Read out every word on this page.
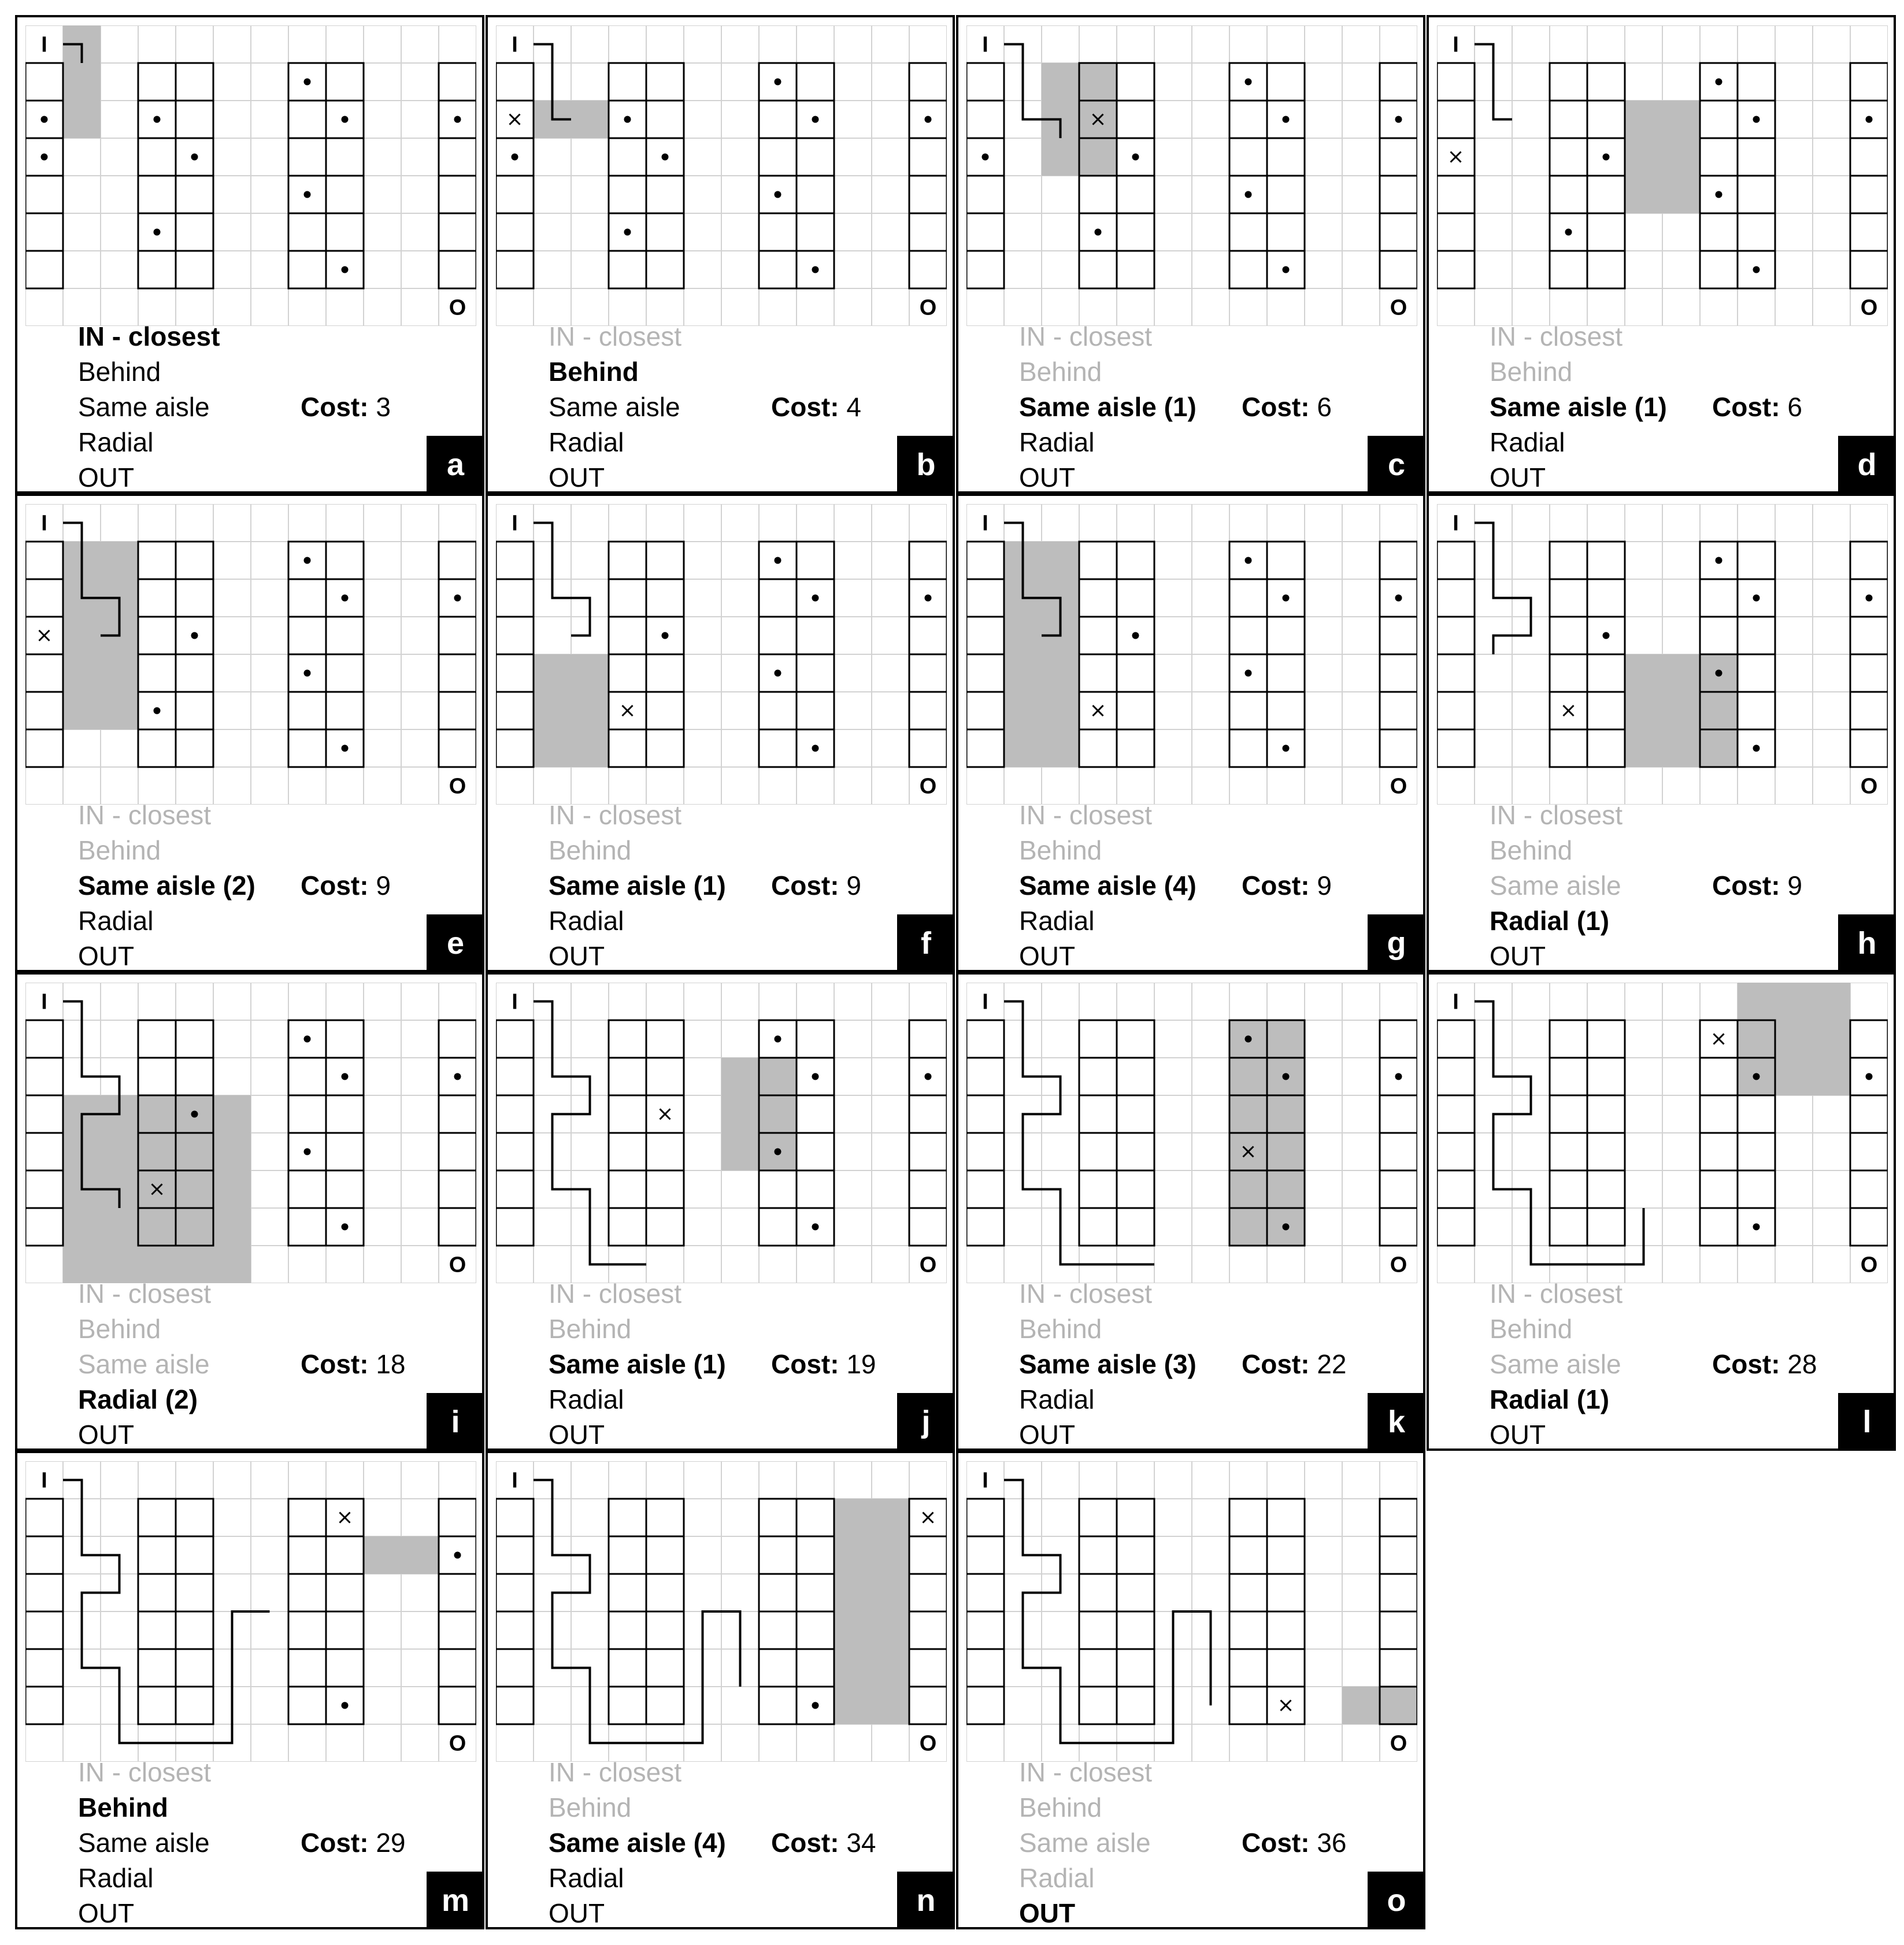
I
O
IN - closest
Behind
Same aisle
Radial
OUT
Cost: 3
a
I
O
IN - closest
Behind
Same aisle
Radial
OUT
Cost: 4
b
I
O
IN - closest
Behind
Same aisle (1)
Radial
OUT
Cost: 6
c
I
O
IN - closest
Behind
Same aisle (1)
Radial
OUT
Cost: 6
d
I
O
IN - closest
Behind
Same aisle (2)
Radial
OUT
Cost: 9
e
I
O
IN - closest
Behind
Same aisle (1)
Radial
OUT
Cost: 9
f
I
O
IN - closest
Behind
Same aisle (4)
Radial
OUT
Cost: 9
g
I
O
IN - closest
Behind
Same aisle
Radial (1)
OUT
Cost: 9
h
I
O
IN - closest
Behind
Same aisle
Radial (2)
OUT
Cost: 18
i
I
O
IN - closest
Behind
Same aisle (1)
Radial
OUT
Cost: 19
j
I
O
IN - closest
Behind
Same aisle (3)
Radial
OUT
Cost: 22
k
I
O
IN - closest
Behind
Same aisle
Radial (1)
OUT
Cost: 28
l
I
O
IN - closest
Behind
Same aisle
Radial
OUT
Cost: 29
m
I
O
IN - closest
Behind
Same aisle (4)
Radial
OUT
Cost: 34
n
I
O
IN - closest
Behind
Same aisle
Radial
OUT
Cost: 36
o
